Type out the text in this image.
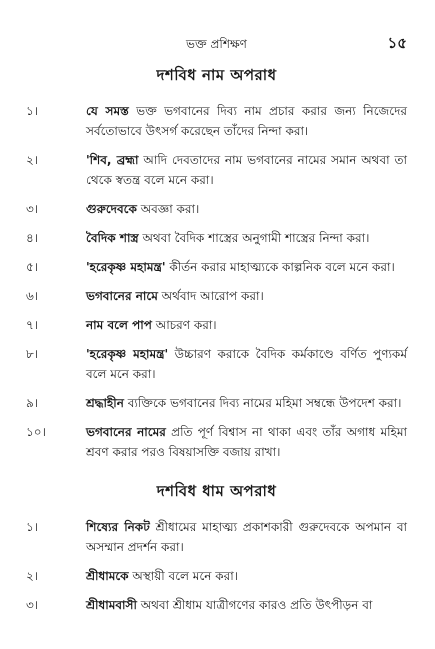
ভক্ত প্রশিক্ষণ	১৫
দশবিধ নাম অপরাধ
১।	যে সমস্ত ভক্ত ভগবানের দিব্য নাম প্রচার করার জন্য নিজেদের সর্বতোভাবে উৎসর্গ করেছেন তাঁদের নিন্দা করা।
২।	'শিব, ব্রহ্মা আদি দেবতাদের নাম ভগবানের নামের সমান অথবা তা থেকে স্বতন্ত্র বলে মনে করা।
৩।	গুরুদেবকে অবজ্ঞা করা।
৪।	বৈদিক শাস্ত্র অথবা বৈদিক শাস্ত্রের অনুগামী শাস্ত্রের নিন্দা করা।
৫।	'হরেকৃষ্ণ মহামন্ত্র' কীর্তন করার মাহাত্ম্যকে কাল্পনিক বলে মনে করা।
৬।	ভগবানের নামে অর্থবাদ আরোপ করা।
৭।	নাম বলে পাপ আচরণ করা।
৮।	'হরেকৃষ্ণ মহামন্ত্র' উচ্চারণ করাকে বৈদিক কর্মকাণ্ডে বর্ণিত পুণ্যকর্ম বলে মনে করা।
৯।	শ্রদ্ধাহীন ব্যক্তিকে ভগবানের দিব্য নামের মহিমা সম্বন্ধে উপদেশ করা।
১০।	ভগবানের নামের প্রতি পূর্ণ বিশ্বাস না থাকা এবং তাঁর অগাধ মহিমা শ্রবণ করার পরও বিষয়াসক্তি বজায় রাখা।
দশবিধ ধাম অপরাধ
১।	শিষ্যের নিকট শ্রীধামের মাহাত্ম্য প্রকাশকারী গুরুদেবকে অপমান বা অসম্মান প্রদর্শন করা।
২।	শ্রীধামকে অস্থায়ী বলে মনে করা।
৩।	শ্রীধামবাসী অথবা শ্রীধাম যাত্রীগণের কারও প্রতি উৎপীড়ন বা
